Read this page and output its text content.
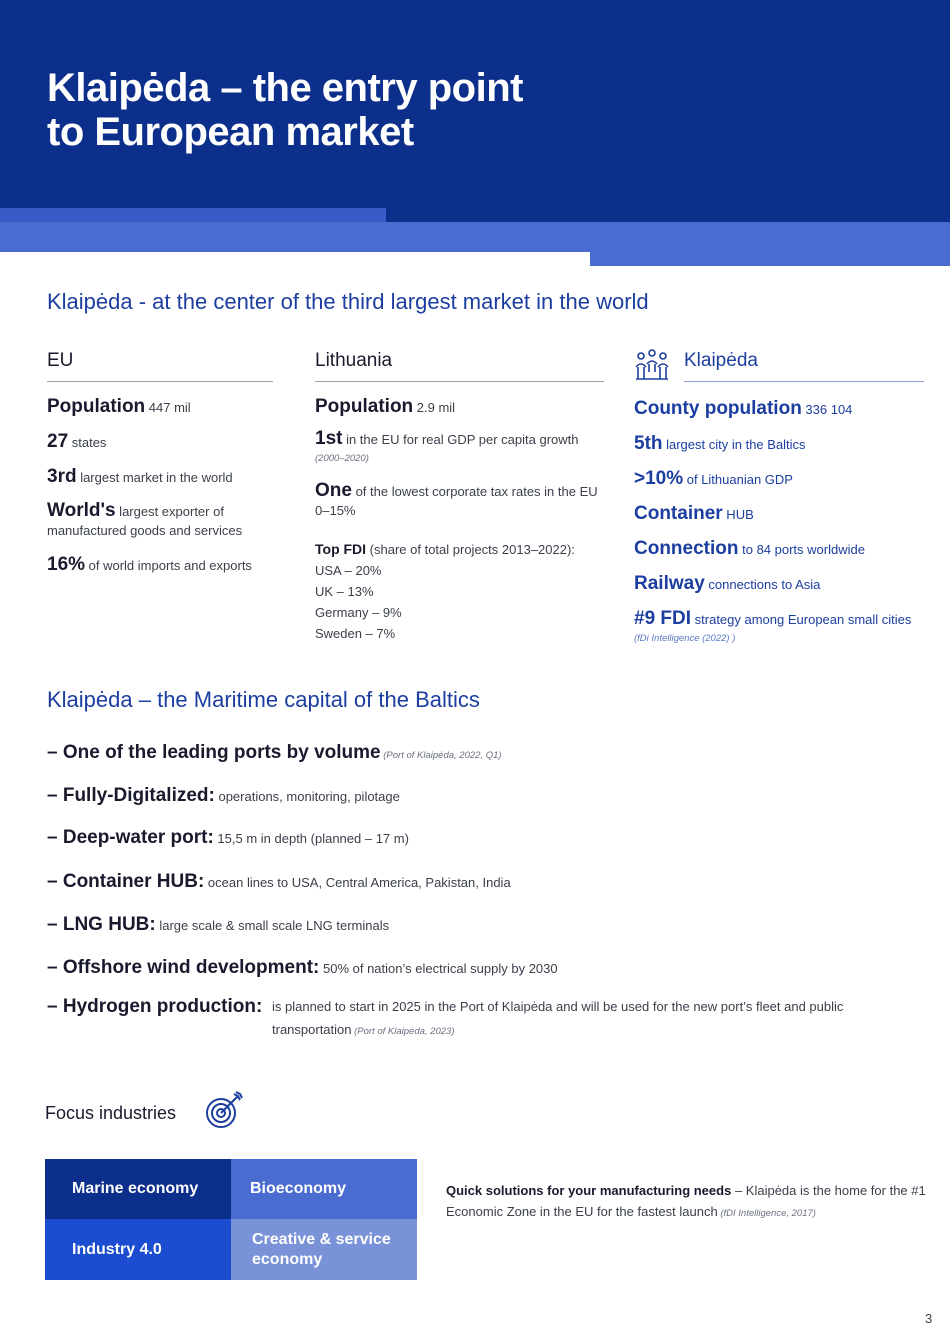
Klaipėda – the entry point
to European market
Klaipėda - at the center of the third largest market in the world
EU
Population 447 mil
27 states
3rd largest market in the world
World's largest exporter of manufactured goods and services
16% of world imports and exports
Lithuania
Population 2.9 mil
1st in the EU for real GDP per capita growth
(2000–2020)
One of the lowest corporate tax rates in the EU
0–15%
Top FDI (share of total projects 2013–2022):
USA – 20%
UK – 13%
Germany – 9%
Sweden – 7%
Klaipėda
County population 336 104
5th largest city in the Baltics
>10% of Lithuanian GDP
Container HUB
Connection to 84 ports worldwide
Railway connections to Asia
#9 FDI strategy among European small cities
(fDi Intelligence (2022) )
Klaipėda – the Maritime capital of the Baltics
– One of the leading ports by volume (Port of Klaipėda, 2022, Q1)
– Fully-Digitalized: operations, monitoring, pilotage
– Deep-water port: 15,5 m in depth (planned – 17 m)
– Container HUB: ocean lines to USA, Central America, Pakistan, India
– LNG HUB: large scale & small scale LNG terminals
– Offshore wind development: 50% of nation’s electrical supply by 2030
– Hydrogen production: is planned to start in 2025 in the Port of Klaipėda and will be used for the new port’s fleet and public transportation (Port of Klaipėda, 2023)
Focus industries
Marine economy	Bioeconomy
Industry 4.0
Creative & service economy
Quick solutions for your manufacturing needs – Klaipėda is the home for the #1 Economic Zone in the EU for the fastest launch (fDI Intelligence, 2017)
3
